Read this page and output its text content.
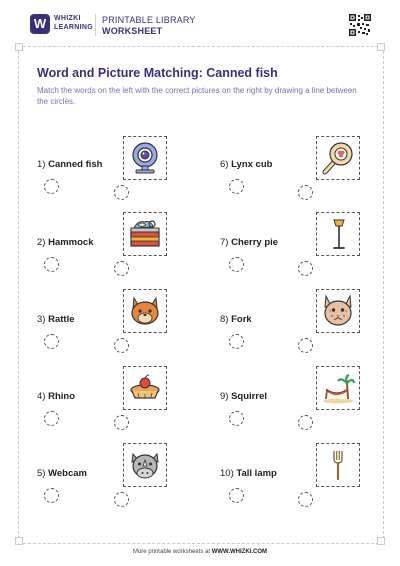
W	WHIZKI
LEARNING
PRINTABLE LIBRARY
WORKSHEET
Word and Picture Matching: Canned fish

Match the words on the left with the correct pictures on the right by drawing a line between the circles.

1) Canned fish	6) Lynx cub
2) Hammock	7) Cherry pie
3) Rattle	8) Fork
4) Rhino	9) Squirrel
5) Webcam	10) Tall lamp
More printable worksheets at WWW.WHIZKI.COM
